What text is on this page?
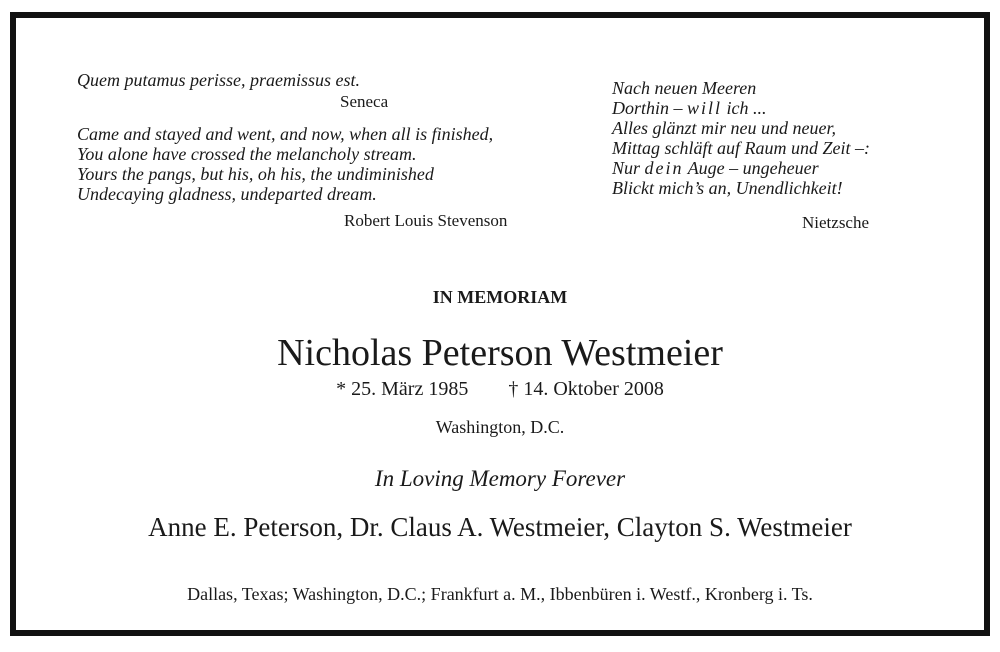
Quem putamus perisse, praemissus est.
Seneca
Came and stayed and went, and now, when all is finished,
You alone have crossed the melancholy stream.
Yours the pangs, but his, oh his, the undiminished
Undecaying gladness, undeparted dream.
Robert Louis Stevenson
Nach neuen Meeren
Dorthin – will ich ...
Alles glänzt mir neu und neuer,
Mittag schläft auf Raum und Zeit –:
Nur dein Auge – ungeheuer
Blickt mich’s an, Unendlichkeit!
Nietzsche
IN MEMORIAM
Nicholas Peterson Westmeier
* 25. März 1985 † 14. Oktober 2008
Washington, D.C.
In Loving Memory Forever
Anne E. Peterson, Dr. Claus A. Westmeier, Clayton S. Westmeier
Dallas, Texas; Washington, D.C.; Frankfurt a. M., Ibbenbüren i. Westf., Kronberg i. Ts.
